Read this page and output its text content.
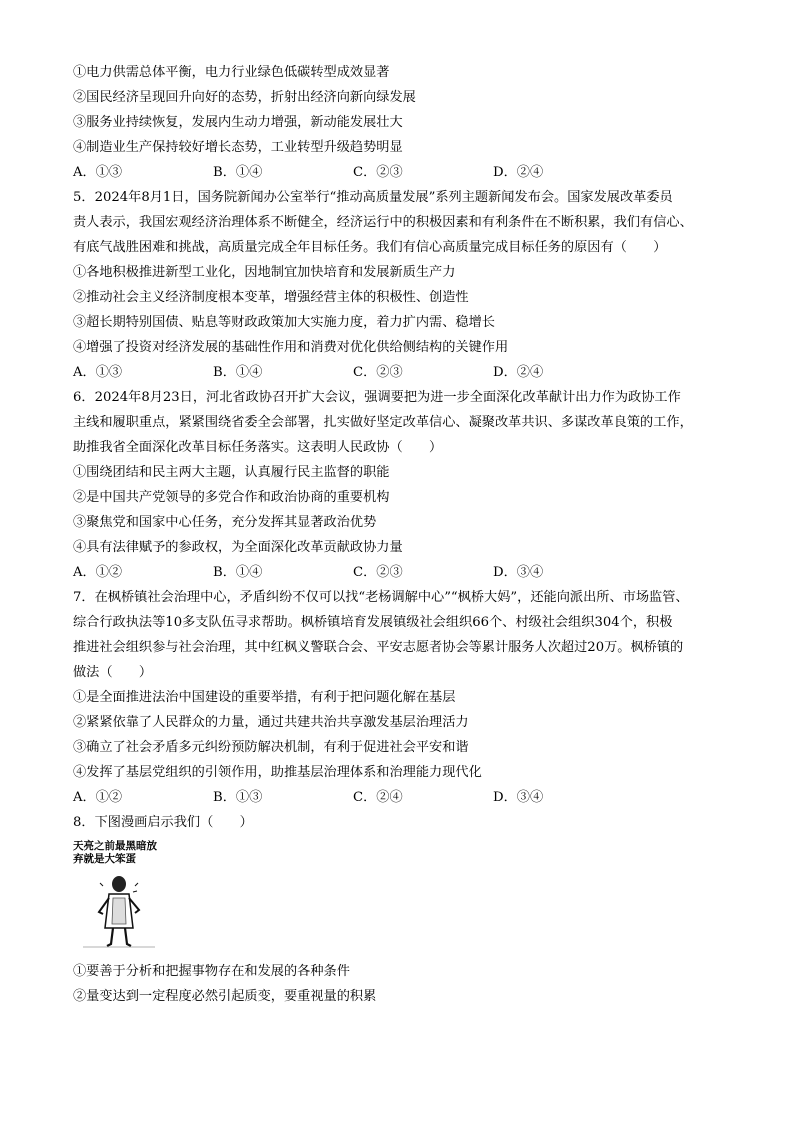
①电力供需总体平衡，电力行业绿色低碳转型成效显著
②国民经济呈现回升向好的态势，折射出经济向新向绿发展
③服务业持续恢复，发展内生动力增强，新动能发展壮大
④制造业生产保持较好增长态势，工业转型升级趋势明显
A．①③	B．①④	C．②③	D．②④
5．2024年8月1日，国务院新闻办公室举行“推动高质量发展”系列主题新闻发布会。国家发展改革委员
责人表示，我国宏观经济治理体系不断健全，经济运行中的积极因素和有利条件在不断积累，我们有信心、
有底气战胜困难和挑战，高质量完成全年目标任务。我们有信心高质量完成目标任务的原因有（　　）
①各地积极推进新型工业化，因地制宜加快培育和发展新质生产力
②推动社会主义经济制度根本变革，增强经营主体的积极性、创造性
③超长期特别国债、贴息等财政政策加大实施力度，着力扩内需、稳增长
④增强了投资对经济发展的基础性作用和消费对优化供给侧结构的关键作用
A．①③	B．①④	C．②③	D．②④
6．2024年8月23日，河北省政协召开扩大会议，强调要把为进一步全面深化改革献计出力作为政协工作
主线和履职重点，紧紧围绕省委全会部署，扎实做好坚定改革信心、凝聚改革共识、多谋改革良策的工作，
助推我省全面深化改革目标任务落实。这表明人民政协（　　）
①围绕团结和民主两大主题，认真履行民主监督的职能
②是中国共产党领导的多党合作和政治协商的重要机构
③聚焦党和国家中心任务，充分发挥其显著政治优势
④具有法律赋予的参政权，为全面深化改革贡献政协力量
A．①②	B．①④	C．②③	D．③④
7．在枫桥镇社会治理中心，矛盾纠纷不仅可以找“老杨调解中心”“枫桥大妈”，还能向派出所、市场监管、
综合行政执法等10多支队伍寻求帮助。枫桥镇培育发展镇级社会组织66个、村级社会组织304个，积极
推进社会组织参与社会治理，其中红枫义警联合会、平安志愿者协会等累计服务人次超过20万。枫桥镇的
做法（　　）
①是全面推进法治中国建设的重要举措，有利于把问题化解在基层
②紧紧依靠了人民群众的力量，通过共建共治共享激发基层治理活力
③确立了社会矛盾多元纠纷预防解决机制，有利于促进社会平安和谐
④发挥了基层党组织的引领作用，助推基层治理体系和治理能力现代化
A．①②	B．①③	C．②④	D．③④
8．下图漫画启示我们（　　）
天亮之前最黑暗放弃就是大笨蛋
①要善于分析和把握事物存在和发展的各种条件
②量变达到一定程度必然引起质变，要重视量的积累
